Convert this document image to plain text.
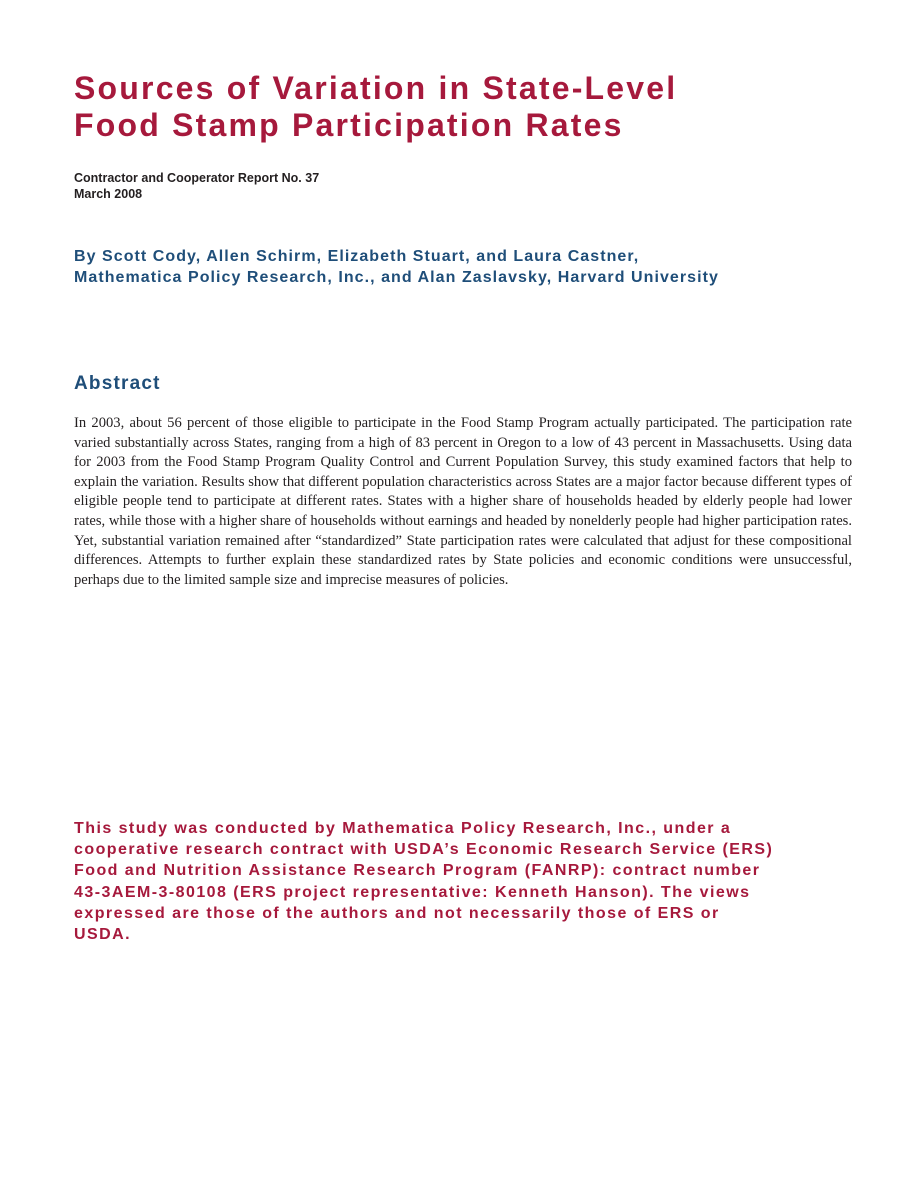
Sources of Variation in State-Level
Food Stamp Participation Rates
Contractor and Cooperator Report No. 37
March 2008
By Scott Cody, Allen Schirm, Elizabeth Stuart, and Laura Castner,
Mathematica Policy Research, Inc., and Alan Zaslavsky, Harvard University
Abstract

In 2003, about 56 percent of those eligible to participate in the Food Stamp Program actually participated. The participation rate varied substantially across States, ranging from a high of 83 percent in Oregon to a low of 43 percent in Massachusetts. Using data for 2003 from the Food Stamp Program Quality Control and Current Population Survey, this study examined factors that help to explain the variation. Results show that different population characteristics across States are a major factor because different types of eligible people tend to participate at different rates. States with a higher share of households headed by elderly people had lower rates, while those with a higher share of households without earnings and headed by nonelderly people had higher participation rates. Yet, substantial variation remained after “standardized” State participation rates were calculated that adjust for these compositional differences. Attempts to further explain these standardized rates by State policies and economic conditions were unsuccessful, perhaps due to the limited sample size and imprecise measures of policies.

This study was conducted by Mathematica Policy Research, Inc., under a
cooperative research contract with USDA’s Economic Research Service (ERS)
Food and Nutrition Assistance Research Program (FANRP): contract number
43-3AEM-3-80108 (ERS project representative: Kenneth Hanson). The views
expressed are those of the authors and not necessarily those of ERS or
USDA.
